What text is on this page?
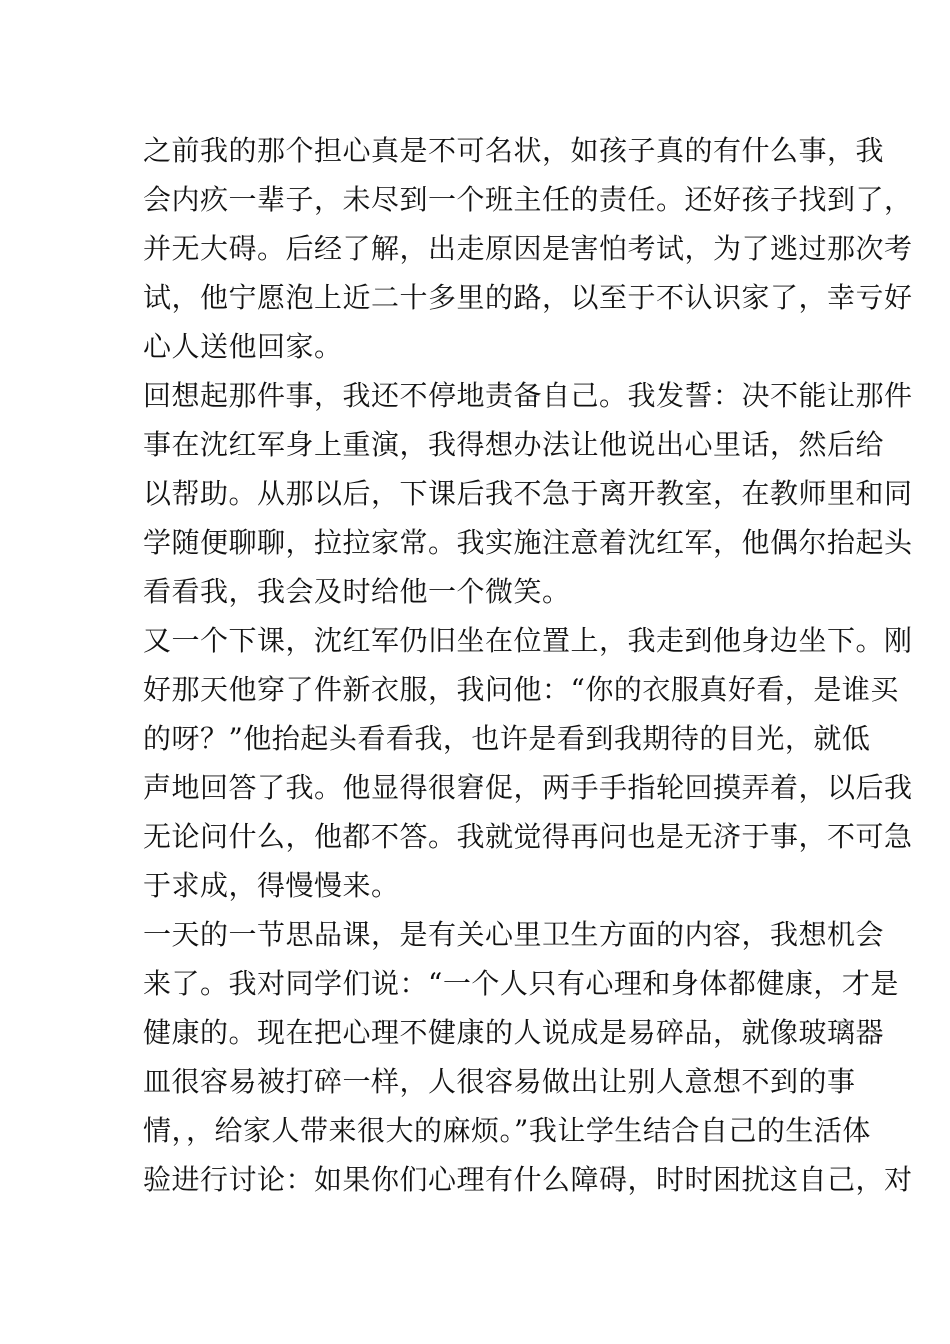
之前我的那个担心真是不可名状，如孩子真的有什么事，我
会内疚一辈子，未尽到一个班主任的责任。还好孩子找到了，
并无大碍。后经了解，出走原因是害怕考试，为了逃过那次考
试，他宁愿泡上近二十多里的路，以至于不认识家了，幸亏好
心人送他回家。
回想起那件事，我还不停地责备自己。我发誓：决不能让那件
事在沈红军身上重演，我得想办法让他说出心里话，然后给
以帮助。从那以后，下课后我不急于离开教室，在教师里和同
学随便聊聊，拉拉家常。我实施注意着沈红军，他偶尔抬起头
看看我，我会及时给他一个微笑。
又一个下课，沈红军仍旧坐在位置上，我走到他身边坐下。刚
好那天他穿了件新衣服，我问他：“你的衣服真好看，是谁买
的呀？”他抬起头看看我，也许是看到我期待的目光，就低
声地回答了我。他显得很窘促，两手手指轮回摸弄着，以后我
无论问什么，他都不答。我就觉得再问也是无济于事，不可急
于求成，得慢慢来。
一天的一节思品课，是有关心里卫生方面的内容，我想机会
来了。我对同学们说：“一个人只有心理和身体都健康，才是
健康的。现在把心理不健康的人说成是易碎品，就像玻璃器
皿很容易被打碎一样，人很容易做出让别人意想不到的事
情，，给家人带来很大的麻烦。”我让学生结合自己的生活体
验进行讨论：如果你们心理有什么障碍，时时困扰这自己，对
